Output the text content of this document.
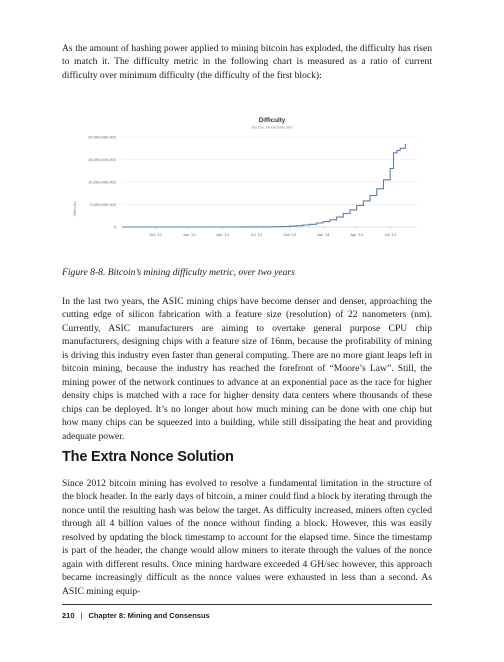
As the amount of hashing power applied to mining bitcoin has exploded, the difficulty has risen to match it. The difficulty metric in the following chart is measured as a ratio of current difficulty over minimum difficulty (the difficulty of the first block):

0
5,000,000,000
10,000,000,000
15,000,000,000
20,000,000,000
Oct '12	Jan '13	Apr '13	Jul '13	Oct '13	Jan '14	Apr '14	Jul '14
Difficulty
Source: blockchain.info
Difficulty

Figure 8-8. Bitcoin’s mining difficulty metric, over two years

In the last two years, the ASIC mining chips have become denser and denser, approaching the cutting edge of silicon fabrication with a feature size (resolution) of 22 nanometers (nm). Currently, ASIC manufacturers are aiming to overtake general purpose CPU chip manufacturers, designing chips with a feature size of 16nm, because the profitability of mining is driving this industry even faster than general computing. There are no more giant leaps left in bitcoin mining, because the industry has reached the forefront of “Moore’s Law”. Still, the mining power of the network continues to advance at an exponential pace as the race for higher density chips is matched with a race for higher density data centers where thousands of these chips can be deployed. It’s no longer about how much mining can be done with one chip but how many chips can be squeezed into a building, while still dissipating the heat and providing adequate power.

The Extra Nonce Solution

Since 2012 bitcoin mining has evolved to resolve a fundamental limitation in the structure of the block header. In the early days of bitcoin, a miner could find a block by iterating through the nonce until the resulting hash was below the target. As difficulty increased, miners often cycled through all 4 billion values of the nonce without finding a block. However, this was easily resolved by updating the block timestamp to account for the elapsed time. Since the timestamp is part of the header, the change would allow miners to iterate through the values of the nonce again with different results. Once mining hardware exceeded 4 GH/sec however, this approach became increasingly difficult as the nonce values were exhausted in less than a second. As ASIC mining equip-

210 | Chapter 8: Mining and Consensus
